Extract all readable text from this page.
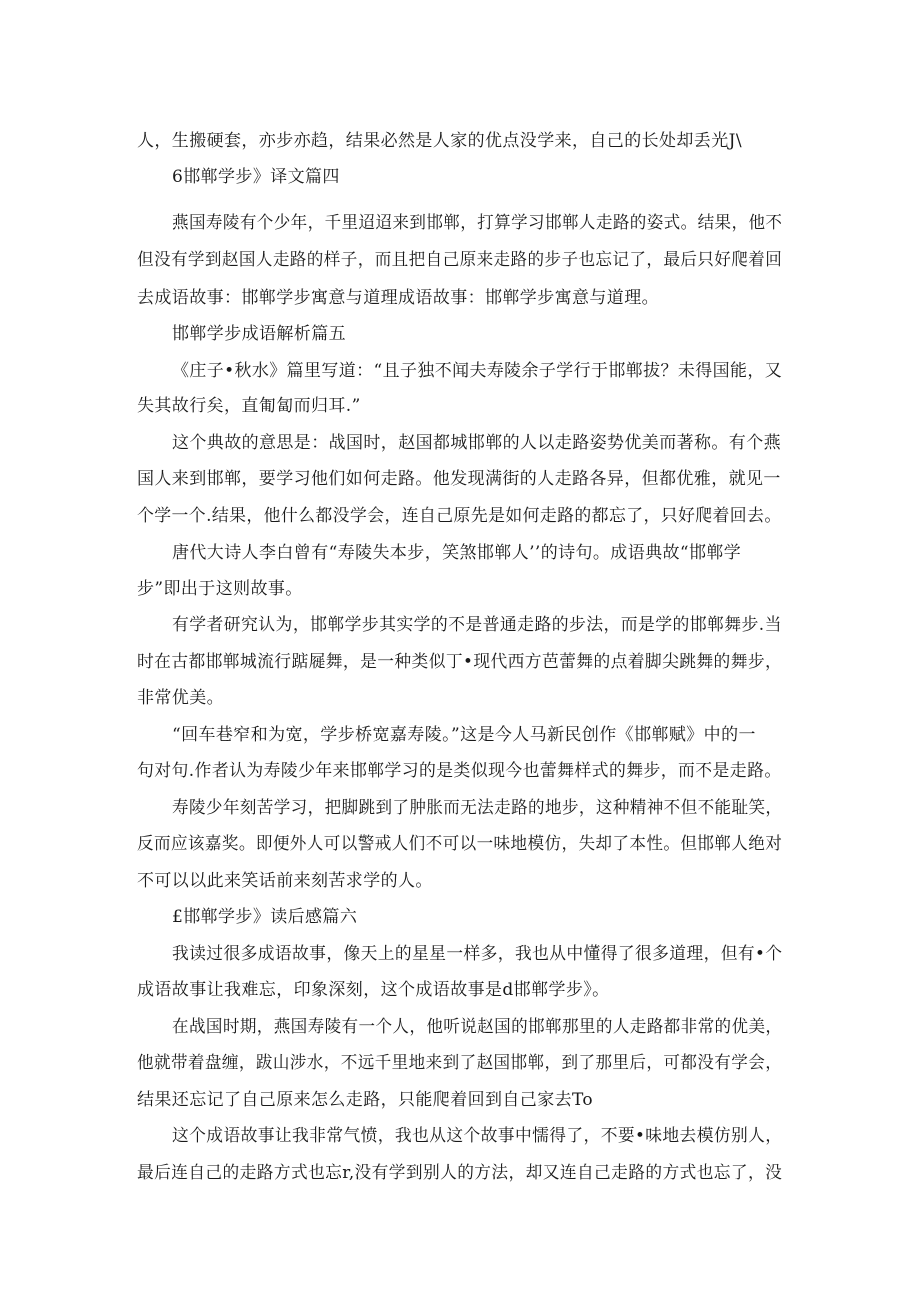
人，生搬硬套，亦步亦趋，结果必然是人家的优点没学来，自己的长处却丢光J\
6邯郸学步》译文篇四
燕国寿陵有个少年，千里迢迢来到邯郸，打算学习邯郸人走路的姿式。结果，他不
但没有学到赵国人走路的样子，而且把自己原来走路的步子也忘记了，最后只好爬着回
去成语故事：邯郸学步寓意与道理成语故事：邯郸学步寓意与道理。
邯郸学步成语解析篇五
《庄子•秋水》篇里写道：“且子独不闻夫寿陵余子学行于邯郸拔？未得国能，又
失其故行矣，直匍匐而归耳.”
这个典故的意思是：战国时，赵国都城邯郸的人以走路姿势优美而著称。有个燕
国人来到邯郸，要学习他们如何走路。他发现满街的人走路各异，但都优雅，就见一
个学一个.结果，他什么都没学会，连自己原先是如何走路的都忘了，只好爬着回去。
唐代大诗人李白曾有“寿陵失本步，笑煞邯郸人’’的诗句。成语典故“邯郸学
步”即出于这则故事。
有学者研究认为，邯郸学步其实学的不是普通走路的步法，而是学的邯郸舞步.当
时在古都邯郸城流行踮屣舞，是一种类似丁•现代西方芭蕾舞的点着脚尖跳舞的舞步，
非常优美。
“回车巷窄和为宽，学步桥宽嘉寿陵。”这是今人马新民创作《邯郸赋》中的一
句对句.作者认为寿陵少年来邯郸学习的是类似现今也蕾舞样式的舞步，而不是走路。
寿陵少年刻苦学习，把脚跳到了肿胀而无法走路的地步，这种精神不但不能耻笑，
反而应该嘉奖。即便外人可以警戒人们不可以一味地模仿，失却了本性。但邯郸人绝对
不可以以此来笑话前来刻苦求学的人。
£邯郸学步》读后感篇六
我读过很多成语故事，像天上的星星一样多，我也从中懂得了很多道理，但有•个
成语故事让我难忘，印象深刻，这个成语故事是d邯郸学步》。
在战国时期，燕国寿陵有一个人，他听说赵国的邯郸那里的人走路都非常的优美，
他就带着盘缠，跋山涉水，不远千里地来到了赵国邯郸，到了那里后，可都没有学会，
结果还忘记了自己原来怎么走路，只能爬着回到自己家去To
这个成语故事让我非常气愤，我也从这个故事中懦得了，不要•味地去模仿别人，
最后连自己的走路方式也忘r,没有学到别人的方法，却又连自己走路的方式也忘了，没
